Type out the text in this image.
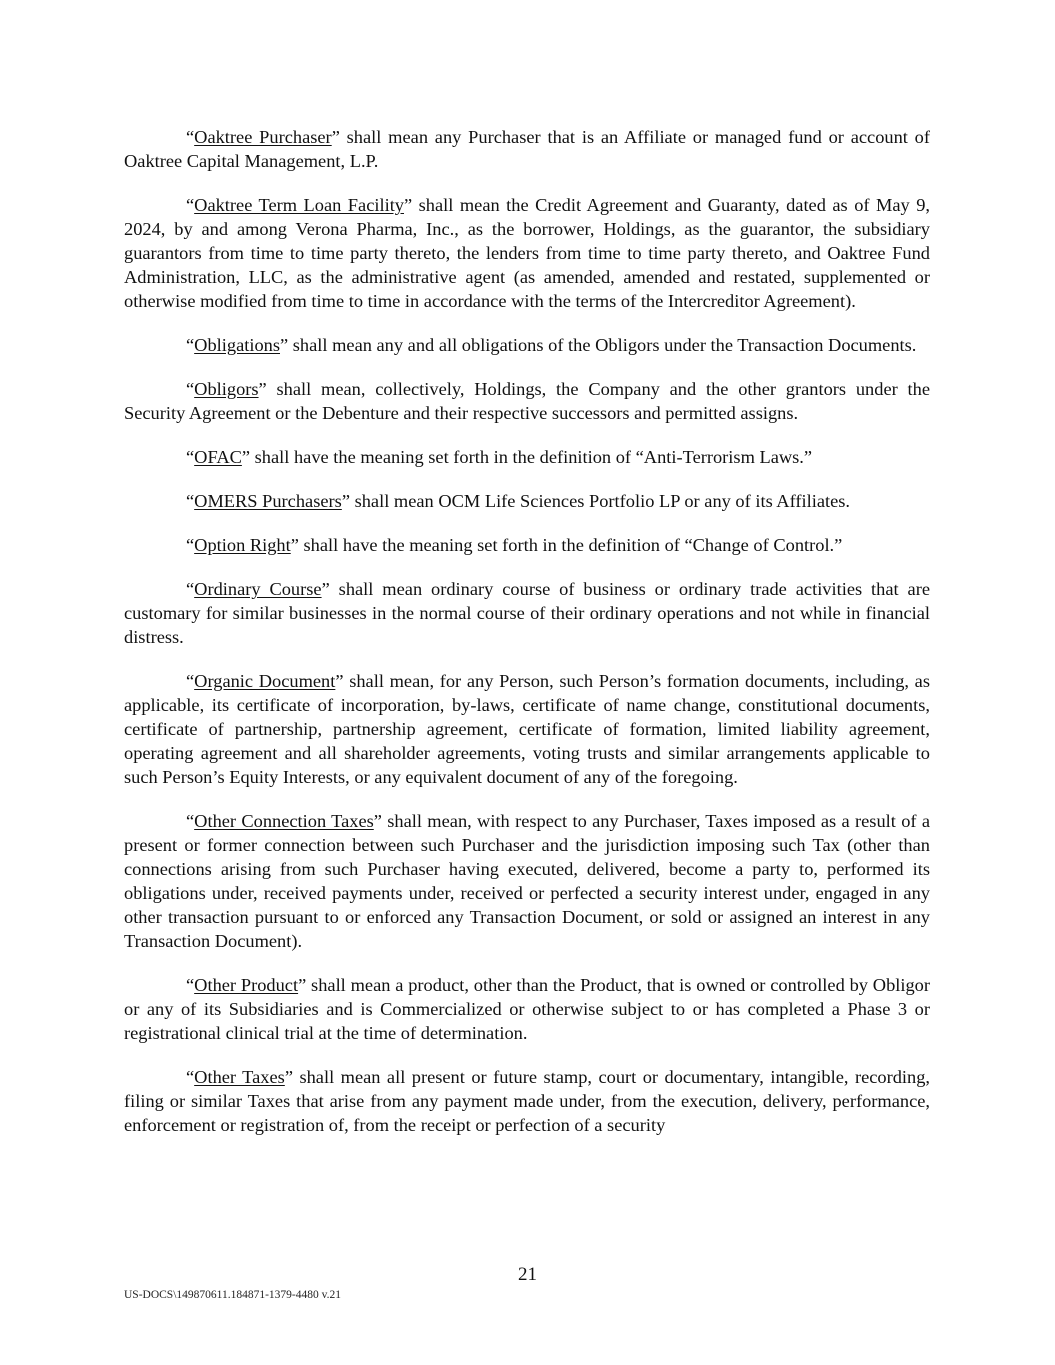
“Oaktree Purchaser” shall mean any Purchaser that is an Affiliate or managed fund or account of Oaktree Capital Management, L.P.

“Oaktree Term Loan Facility” shall mean the Credit Agreement and Guaranty, dated as of May 9, 2024, by and among Verona Pharma, Inc., as the borrower, Holdings, as the guarantor, the subsidiary guarantors from time to time party thereto, the lenders from time to time party thereto, and Oaktree Fund Administration, LLC, as the administrative agent (as amended, amended and restated, supplemented or otherwise modified from time to time in accordance with the terms of the Intercreditor Agreement).

“Obligations” shall mean any and all obligations of the Obligors under the Transaction Documents.

“Obligors” shall mean, collectively, Holdings, the Company and the other grantors under the Security Agreement or the Debenture and their respective successors and permitted assigns.

“OFAC” shall have the meaning set forth in the definition of “Anti-Terrorism Laws.”

“OMERS Purchasers” shall mean OCM Life Sciences Portfolio LP or any of its Affiliates.

“Option Right” shall have the meaning set forth in the definition of “Change of Control.”

“Ordinary Course” shall mean ordinary course of business or ordinary trade activities that are customary for similar businesses in the normal course of their ordinary operations and not while in financial distress.

“Organic Document” shall mean, for any Person, such Person’s formation documents, including, as applicable, its certificate of incorporation, by-laws, certificate of name change, constitutional documents, certificate of partnership, partnership agreement, certificate of formation, limited liability agreement, operating agreement and all shareholder agreements, voting trusts and similar arrangements applicable to such Person’s Equity Interests, or any equivalent document of any of the foregoing.

“Other Connection Taxes” shall mean, with respect to any Purchaser, Taxes imposed as a result of a present or former connection between such Purchaser and the jurisdiction imposing such Tax (other than connections arising from such Purchaser having executed, delivered, become a party to, performed its obligations under, received payments under, received or perfected a security interest under, engaged in any other transaction pursuant to or enforced any Transaction Document, or sold or assigned an interest in any Transaction Document).

“Other Product” shall mean a product, other than the Product, that is owned or controlled by Obligor or any of its Subsidiaries and is Commercialized or otherwise subject to or has completed a Phase 3 or registrational clinical trial at the time of determination.

“Other Taxes” shall mean all present or future stamp, court or documentary, intangible, recording, filing or similar Taxes that arise from any payment made under, from the execution, delivery, performance, enforcement or registration of, from the receipt or perfection of a security

21
US-DOCS\149870611.184871-1379-4480 v.21
